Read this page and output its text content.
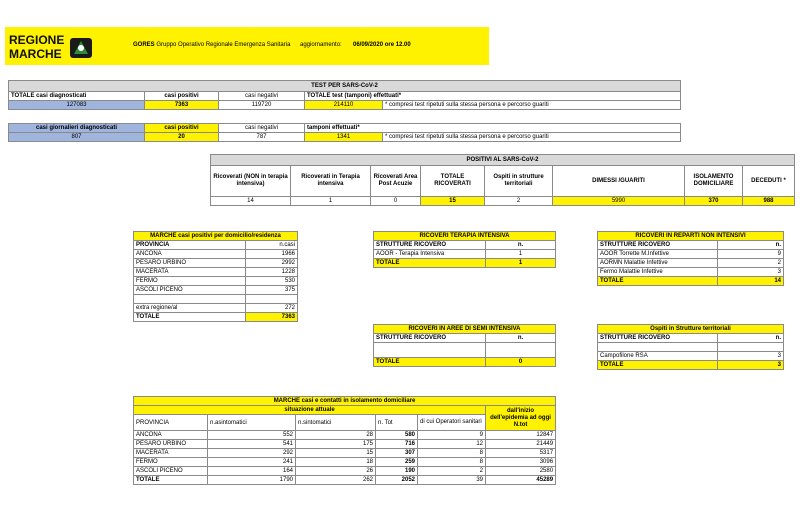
REGIONE
MARCHE
GORES Gruppo Operativo Regionale Emergenza Sanitaria aggiornamento: 06/09/2020 ore 12.00
TEST PER SARS-CoV-2				
TOTALE casi diagnosticati	casi positivi	casi negativi	TOTALE test (tamponi) effettuati*	
127083	7363	119720	214110	* compresi test ripetuti sulla stessa persona e percorso guariti
casi giornalieri diagnosticati	casi positivi	casi negativi	tamponi effettuati*	
807	20	787	1341	* compresi test ripetuti sulla stessa persona e percorso guariti
POSITIVI AL SARS-CoV-2							
Ricoverati (NON in terapia intensiva)	Ricoverati in Terapia intensiva	Ricoverati Area Post Acuzie	TOTALE RICOVERATI	Ospiti in strutture territoriali	DIMESSI /GUARITI	ISOLAMENTO DOMICILIARE	DECEDUTI *
14	1	0	15	2	5990	370	988
MARCHE casi positivi per domicilio/residenza	
PROVINCIA	n.casi
ANCONA	1966
PESARO URBINO	2992
MACERATA	1228
FERMO	530
ASCOLI PICENO	375

extra regione/al	272
TOTALE	7363
RICOVERI TERAPIA INTENSIVA	
STRUTTURE RICOVERO	n.
AOOR - Terapia Intensiva	1
TOTALE	1
RICOVERI IN REPARTI NON INTENSIVI	
STRUTTURE RICOVERO	n.
AOOR Torrette M.Infettive	9
AORMN Malattie Infettive	2
Fermo Malattie Infettive	3
TOTALE	14
RICOVERI IN AREE DI SEMI INTENSIVA	
STRUTTURE RICOVERO	n.

TOTALE	0
Ospiti in Strutture territoriali	
STRUTTURE RICOVERO	n.

Campofilone RSA	3
TOTALE	3
MARCHE casi e contatti in isolamento domiciliare					
situazione attuale					dall'inizio dell'epidemia ad oggi N.tot
PROVINCIA	n.asintomatici	n.sintomatici	n. Tot	di cui Operatori sanitari	
ANCONA	552	28	580	9	12847
PESARO URBINO	541	175	716	12	21449
MACERATA	292	15	307	8	5317
FERMO	241	18	259	8	3096
ASCOLI PICENO	164	26	190	2	2580
TOTALE	1790	262	2052	39	45289
